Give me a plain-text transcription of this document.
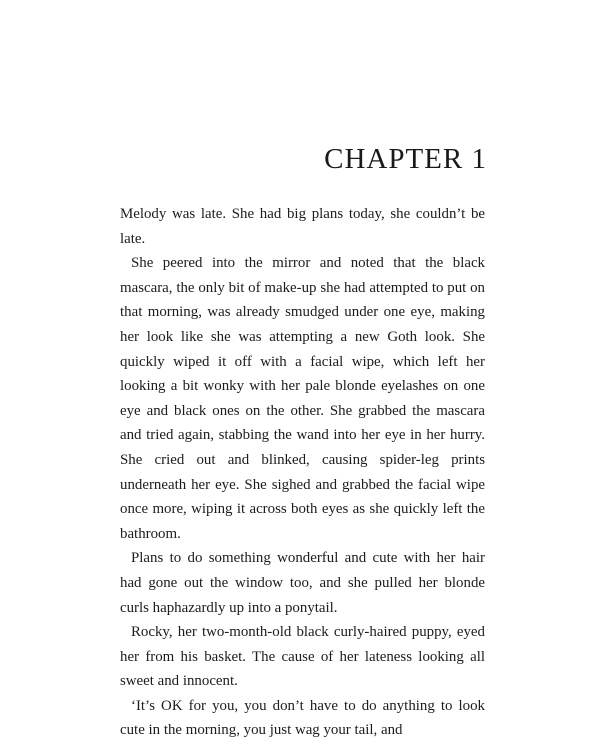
CHAPTER 1

Melody was late. She had big plans today, she couldn’t be late.

She peered into the mirror and noted that the black mascara, the only bit of make-up she had attempted to put on that morning, was already smudged under one eye, making her look like she was attempting a new Goth look. She quickly wiped it off with a facial wipe, which left her looking a bit wonky with her pale blonde eyelashes on one eye and black ones on the other. She grabbed the mascara and tried again, stabbing the wand into her eye in her hurry. She cried out and blinked, causing spider-leg prints underneath her eye. She sighed and grabbed the facial wipe once more, wiping it across both eyes as she quickly left the bathroom.

Plans to do something wonderful and cute with her hair had gone out the window too, and she pulled her blonde curls haphazardly up into a ponytail.

Rocky, her two-month-old black curly-haired puppy, eyed her from his basket. The cause of her lateness looking all sweet and innocent.

‘It’s OK for you, you don’t have to do anything to look cute in the morning, you just wag your tail, and
